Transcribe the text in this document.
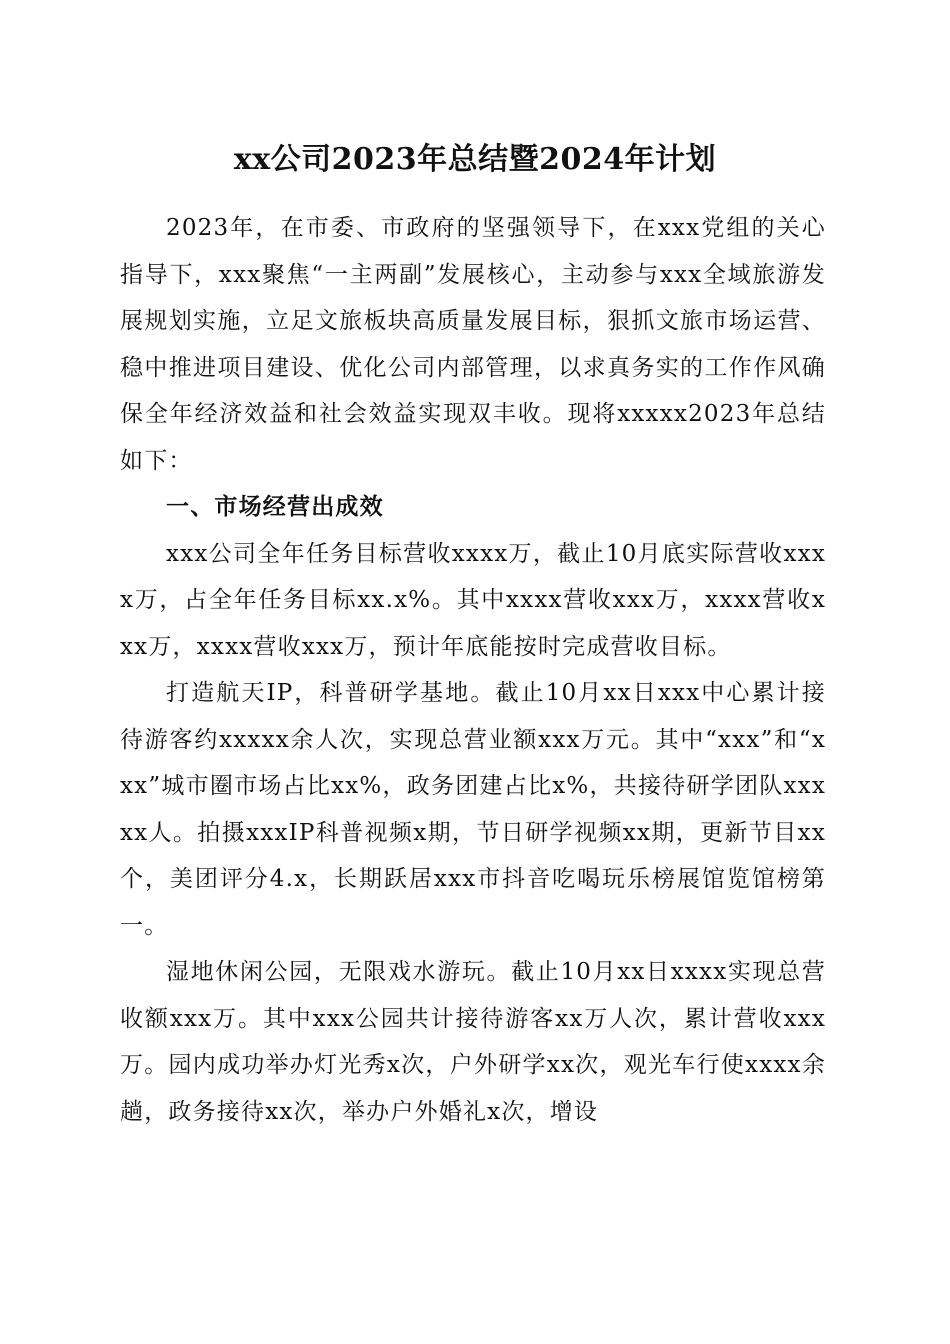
xx公司2023年总结暨2024年计划

2023年，在市委、市政府的坚强领导下，在xxx党组的关心指导下，xxx聚焦“一主两副”发展核心，主动参与xxx全域旅游发展规划实施，立足文旅板块高质量发展目标，狠抓文旅市场运营、稳中推进项目建设、优化公司内部管理，以求真务实的工作作风确保全年经济效益和社会效益实现双丰收。现将xxxxx2023年总结如下：

一、市场经营出成效

xxx公司全年任务目标营收xxxx万，截止10月底实际营收xxxx万，占全年任务目标xx.x%。其中xxxx营收xxx万，xxxx营收xxx万，xxxx营收xxx万，预计年底能按时完成营收目标。

打造航天IP，科普研学基地。截止10月xx日xxx中心累计接待游客约xxxxx余人次，实现总营业额xxx万元。其中“xxx”和“xxx”城市圈市场占比xx%，政务团建占比x%，共接待研学团队xxxxx人。拍摄xxxIP科普视频x期，节日研学视频xx期，更新节目xx个，美团评分4.x，长期跃居xxx市抖音吃喝玩乐榜展馆览馆榜第一。

湿地休闲公园，无限戏水游玩。截止10月xx日xxxx实现总营收额xxx万。其中xxx公园共计接待游客xx万人次，累计营收xxx万。园内成功举办灯光秀x次，户外研学xx次，观光车行使xxxx余趟，政务接待xx次，举办户外婚礼x次，增设
